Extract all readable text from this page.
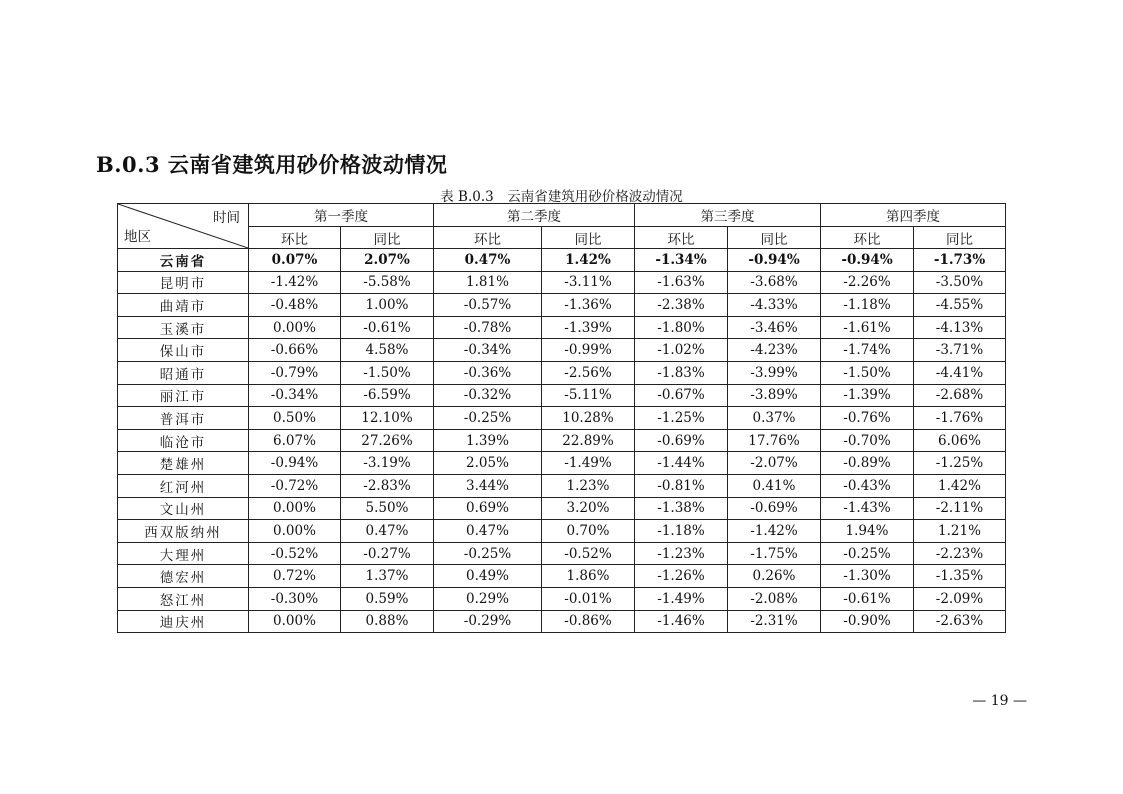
B.0.3 云南省建筑用砂价格波动情况
表 B.0.3　云南省建筑用砂价格波动情况
时间
地区	第一季度		第二季度		第三季度		第四季度	
	环比	同比	环比	同比	环比	同比	环比	同比
云南省	0.07%	2.07%	0.47%	1.42%	-1.34%	-0.94%	-0.94%	-1.73%
昆明市	-1.42%	-5.58%	1.81%	-3.11%	-1.63%	-3.68%	-2.26%	-3.50%
曲靖市	-0.48%	1.00%	-0.57%	-1.36%	-2.38%	-4.33%	-1.18%	-4.55%
玉溪市	0.00%	-0.61%	-0.78%	-1.39%	-1.80%	-3.46%	-1.61%	-4.13%
保山市	-0.66%	4.58%	-0.34%	-0.99%	-1.02%	-4.23%	-1.74%	-3.71%
昭通市	-0.79%	-1.50%	-0.36%	-2.56%	-1.83%	-3.99%	-1.50%	-4.41%
丽江市	-0.34%	-6.59%	-0.32%	-5.11%	-0.67%	-3.89%	-1.39%	-2.68%
普洱市	0.50%	12.10%	-0.25%	10.28%	-1.25%	0.37%	-0.76%	-1.76%
临沧市	6.07%	27.26%	1.39%	22.89%	-0.69%	17.76%	-0.70%	6.06%
楚雄州	-0.94%	-3.19%	2.05%	-1.49%	-1.44%	-2.07%	-0.89%	-1.25%
红河州	-0.72%	-2.83%	3.44%	1.23%	-0.81%	0.41%	-0.43%	1.42%
文山州	0.00%	5.50%	0.69%	3.20%	-1.38%	-0.69%	-1.43%	-2.11%
西双版纳州	0.00%	0.47%	0.47%	0.70%	-1.18%	-1.42%	1.94%	1.21%
大理州	-0.52%	-0.27%	-0.25%	-0.52%	-1.23%	-1.75%	-0.25%	-2.23%
德宏州	0.72%	1.37%	0.49%	1.86%	-1.26%	0.26%	-1.30%	-1.35%
怒江州	-0.30%	0.59%	0.29%	-0.01%	-1.49%	-2.08%	-0.61%	-2.09%
迪庆州	0.00%	0.88%	-0.29%	-0.86%	-1.46%	-2.31%	-0.90%	-2.63%
— 19 —
